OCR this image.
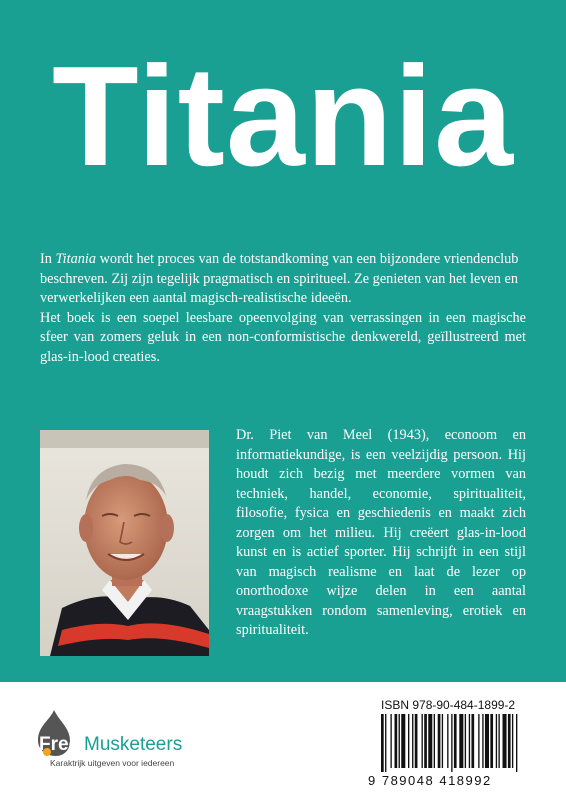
Titania

In Titania wordt het proces van de totstandkoming van een bijzondere vriendenclub beschreven. Zij zijn tegelijk pragmatisch en spiritueel. Ze genieten van het leven en verwerkelijken een aantal magisch-realistische ideeën.

Het boek is een soepel leesbare opeenvolging van verrassingen in een magische sfeer van zomers geluk in een non-conformistische denkwereld, geïllustreerd met glas-in-lood creaties.

Dr. Piet van Meel (1943), econoom en informatiekundige, is een veelzijdig persoon. Hij houdt zich bezig met meerdere vormen van techniek, handel, economie, spiritualiteit, filosofie, fysica en geschiedenis en maakt zich zorgen om het milieu. Hij creëert glas-in-lood kunst en is actief sporter. Hij schrijft in een stijl van magisch realisme en laat de lezer op onorthodoxe wijze delen in een aantal vraagstukken rondom samenleving, erotiek en spiritualiteit.

Free Musketeers
Karaktrijk uitgeven voor iedereen
ISBN 978-90-484-1899-2
9 789048 418992
